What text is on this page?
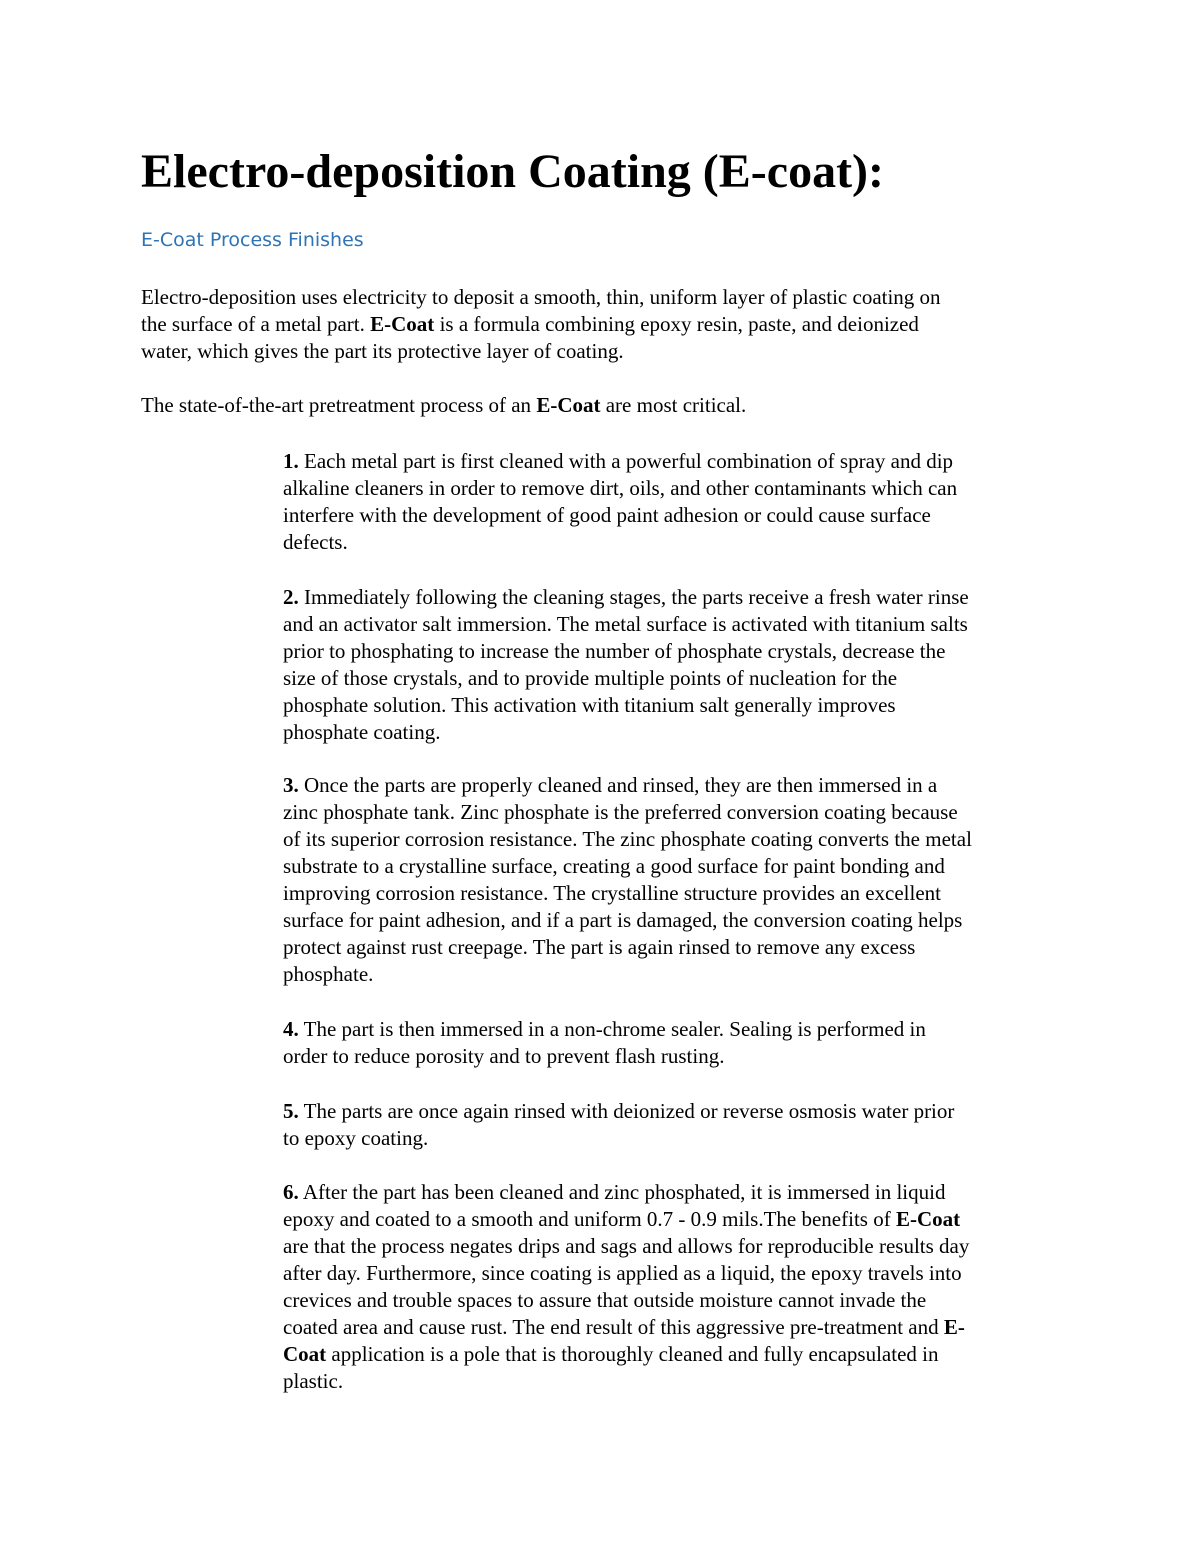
Electro-deposition Coating (E-coat):
E-Coat Process Finishes

Electro-deposition uses electricity to deposit a smooth, thin, uniform layer of plastic coating on
the surface of a metal part. E-Coat is a formula combining epoxy resin, paste, and deionized
water, which gives the part its protective layer of coating.

The state-of-the-art pretreatment process of an E-Coat are most critical.

1. Each metal part is first cleaned with a powerful combination of spray and dip
alkaline cleaners in order to remove dirt, oils, and other contaminants which can
interfere with the development of good paint adhesion or could cause surface
defects.

2. Immediately following the cleaning stages, the parts receive a fresh water rinse
and an activator salt immersion. The metal surface is activated with titanium salts
prior to phosphating to increase the number of phosphate crystals, decrease the
size of those crystals, and to provide multiple points of nucleation for the
phosphate solution. This activation with titanium salt generally improves
phosphate coating.

3. Once the parts are properly cleaned and rinsed, they are then immersed in a
zinc phosphate tank. Zinc phosphate is the preferred conversion coating because
of its superior corrosion resistance. The zinc phosphate coating converts the metal
substrate to a crystalline surface, creating a good surface for paint bonding and
improving corrosion resistance. The crystalline structure provides an excellent
surface for paint adhesion, and if a part is damaged, the conversion coating helps
protect against rust creepage. The part is again rinsed to remove any excess
phosphate.

4. The part is then immersed in a non-chrome sealer. Sealing is performed in
order to reduce porosity and to prevent flash rusting.

5. The parts are once again rinsed with deionized or reverse osmosis water prior
to epoxy coating.

6. After the part has been cleaned and zinc phosphated, it is immersed in liquid
epoxy and coated to a smooth and uniform 0.7 - 0.9 mils.The benefits of E-Coat
are that the process negates drips and sags and allows for reproducible results day
after day. Furthermore, since coating is applied as a liquid, the epoxy travels into
crevices and trouble spaces to assure that outside moisture cannot invade the
coated area and cause rust. The end result of this aggressive pre-treatment and E-
Coat application is a pole that is thoroughly cleaned and fully encapsulated in
plastic.
